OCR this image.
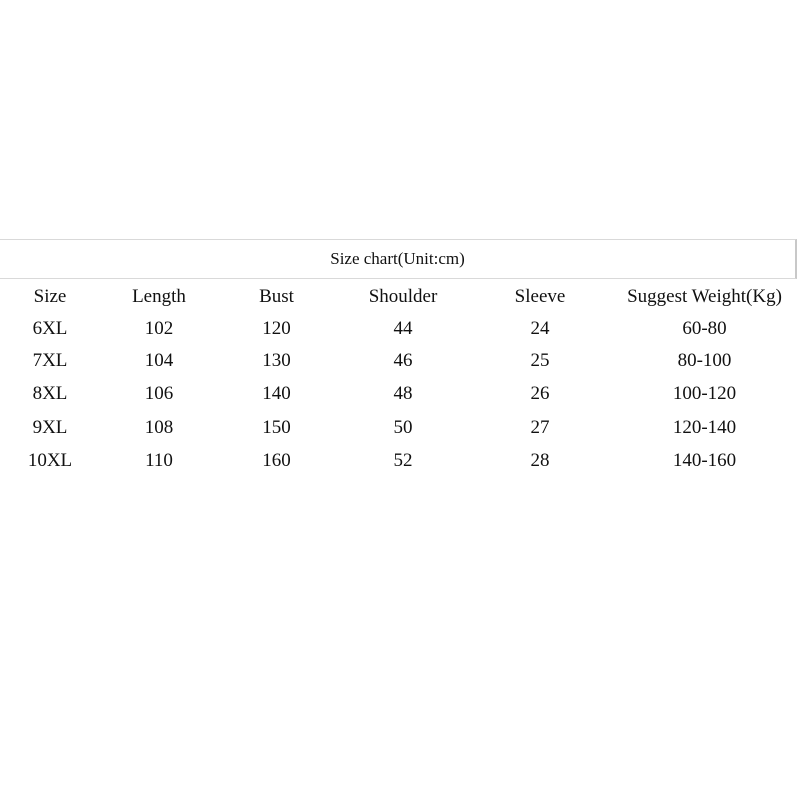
Size chart(Unit:cm)
Size	Length	Bust	Shoulder	Sleeve	Suggest Weight(Kg)
6XL	102	120	44	24	60-80
7XL	104	130	46	25	80-100
8XL	106	140	48	26	100-120
9XL	108	150	50	27	120-140
10XL	110	160	52	28	140-160
